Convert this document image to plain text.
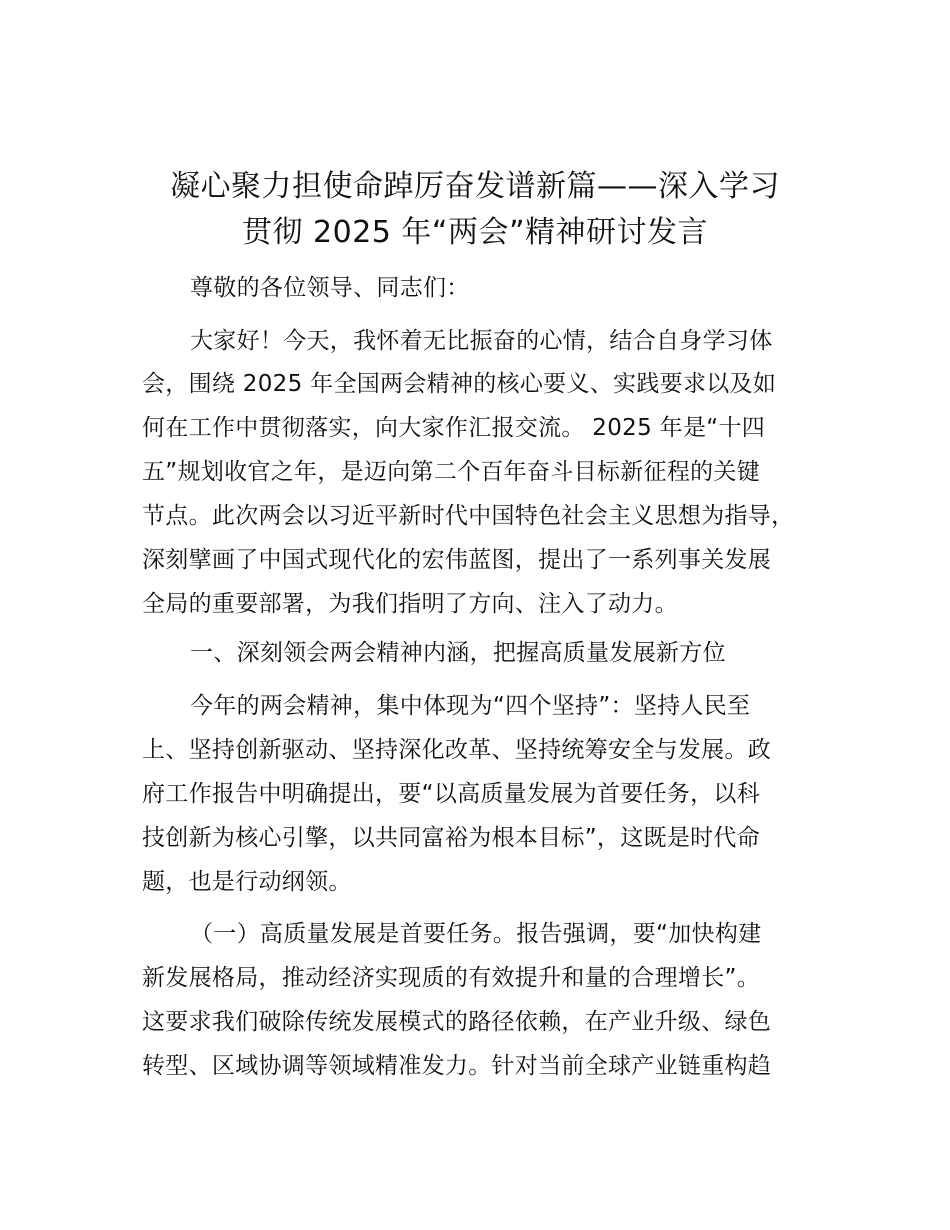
凝心聚力担使命踔厉奋发谱新篇——深入学习
贯彻 2025 年“两会”精神研讨发言
尊敬的各位领导、同志们：
大家好！今天，我怀着无比振奋的心情，结合自身学习体
会，围绕 2025 年全国两会精神的核心要义、实践要求以及如
何在工作中贯彻落实，向大家作汇报交流。 2025 年是“十四
五”规划收官之年，是迈向第二个百年奋斗目标新征程的关键
节点。此次两会以习近平新时代中国特色社会主义思想为指导，
深刻擘画了中国式现代化的宏伟蓝图，提出了一系列事关发展
全局的重要部署，为我们指明了方向、注入了动力。
一、深刻领会两会精神内涵，把握高质量发展新方位
今年的两会精神，集中体现为“四个坚持”：坚持人民至
上、坚持创新驱动、坚持深化改革、坚持统筹安全与发展。政
府工作报告中明确提出，要“以高质量发展为首要任务，以科
技创新为核心引擎，以共同富裕为根本目标”，这既是时代命
题，也是行动纲领。
（一）高质量发展是首要任务。报告强调，要“加快构建
新发展格局，推动经济实现质的有效提升和量的合理增长”。
这要求我们破除传统发展模式的路径依赖，在产业升级、绿色
转型、区域协调等领域精准发力。针对当前全球产业链重构趋
